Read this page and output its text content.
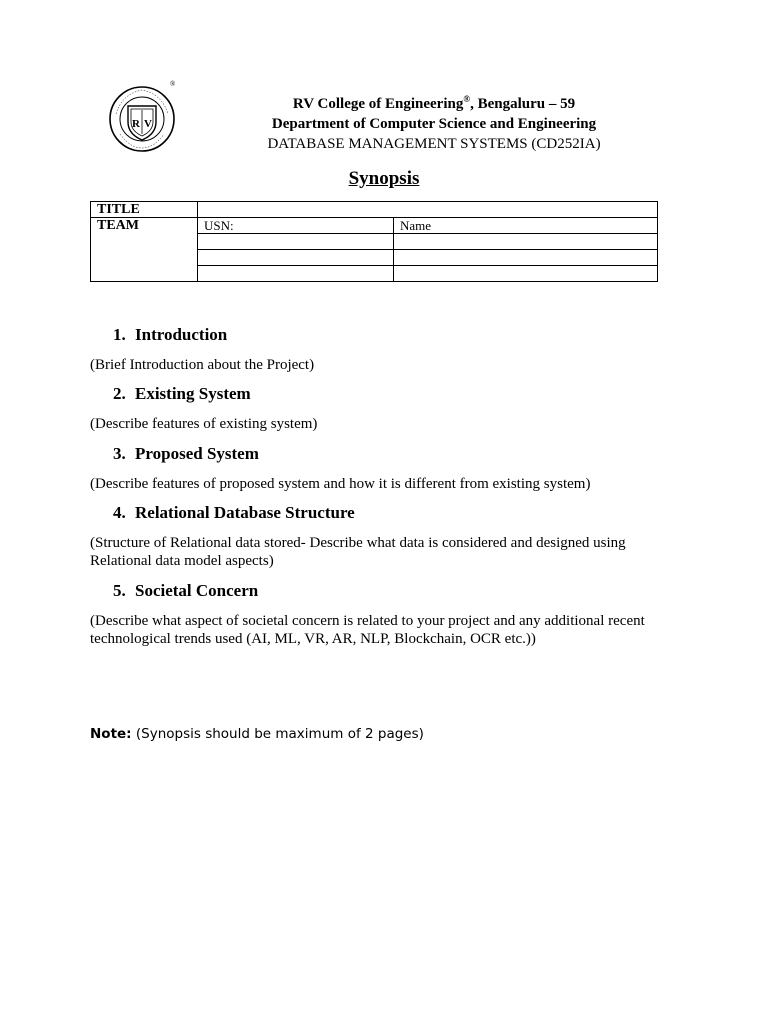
R V
®
RV College of Engineering®, Bengaluru – 59
Department of Computer Science and Engineering
DATABASE MANAGEMENT SYSTEMS (CD252IA)
Synopsis
TITLE		
TEAM	USN:	Name

1. Introduction
(Brief Introduction about the Project)
2. Existing System
(Describe features of existing system)
3. Proposed System
(Describe features of proposed system and how it is different from existing system)
4. Relational Database Structure
(Structure of Relational data stored- Describe what data is considered and designed using Relational data model aspects)
5. Societal Concern
(Describe what aspect of societal concern is related to your project and any additional recent technological trends used (AI, ML, VR, AR, NLP, Blockchain, OCR etc.))
Note: (Synopsis should be maximum of 2 pages)
